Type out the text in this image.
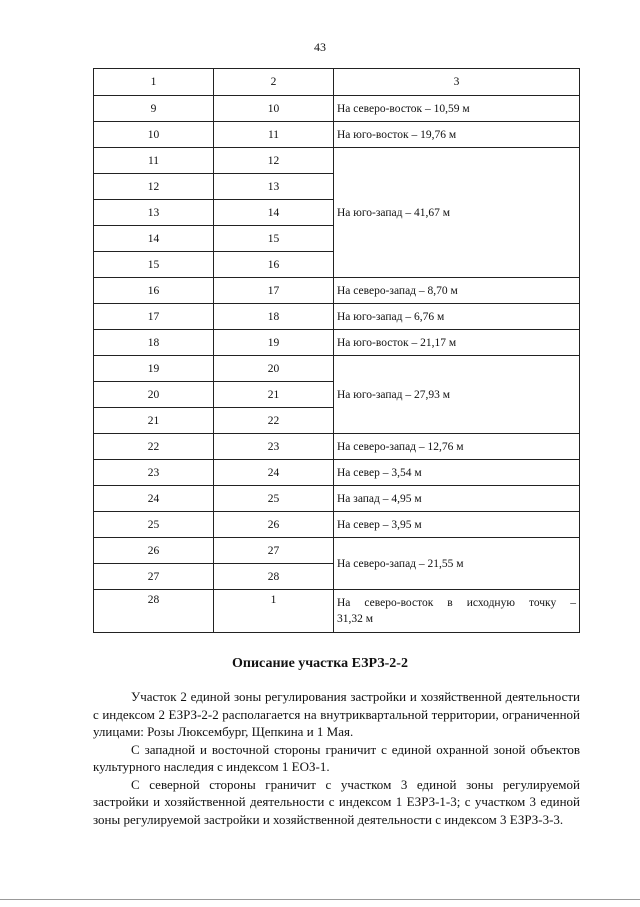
43
1	2	3
9	10	На северо-восток – 10,59 м
10	11	На юго-восток – 19,76 м
11	12	На юго-запад – 41,67 м
12	13	
13	14	
14	15	
15	16	
16	17	На северо-запад – 8,70 м
17	18	На юго-запад – 6,76 м
18	19	На юго-восток – 21,17 м
19	20	На юго-запад – 27,93 м
20	21	
21	22	
22	23	На северо-запад – 12,76 м
23	24	На север – 3,54 м
24	25	На запад – 4,95 м
25	26	На север – 3,95 м
26	27	На северо-запад – 21,55 м
27	28	
28	1	На северо-восток в исходную точку –
31,32 м
Описание участка ЕЗРЗ-2-2

Участок 2 единой зоны регулирования застройки и хозяйственной деятельности с индексом 2 ЕЗРЗ-2-2 располагается на внутриквартальной территории, ограниченной улицами: Розы Люксембург, Щепкина и 1 Мая.

С западной и восточной стороны граничит с единой охранной зоной объектов культурного наследия с индексом 1 ЕОЗ-1.

С северной стороны граничит с участком 3 единой зоны регулируемой застройки и хозяйственной деятельности с индексом 1 ЕЗРЗ-1-3; с участком 3 единой зоны регулируемой застройки и хозяйственной деятельности с индексом 3 ЕЗРЗ-3-3.
